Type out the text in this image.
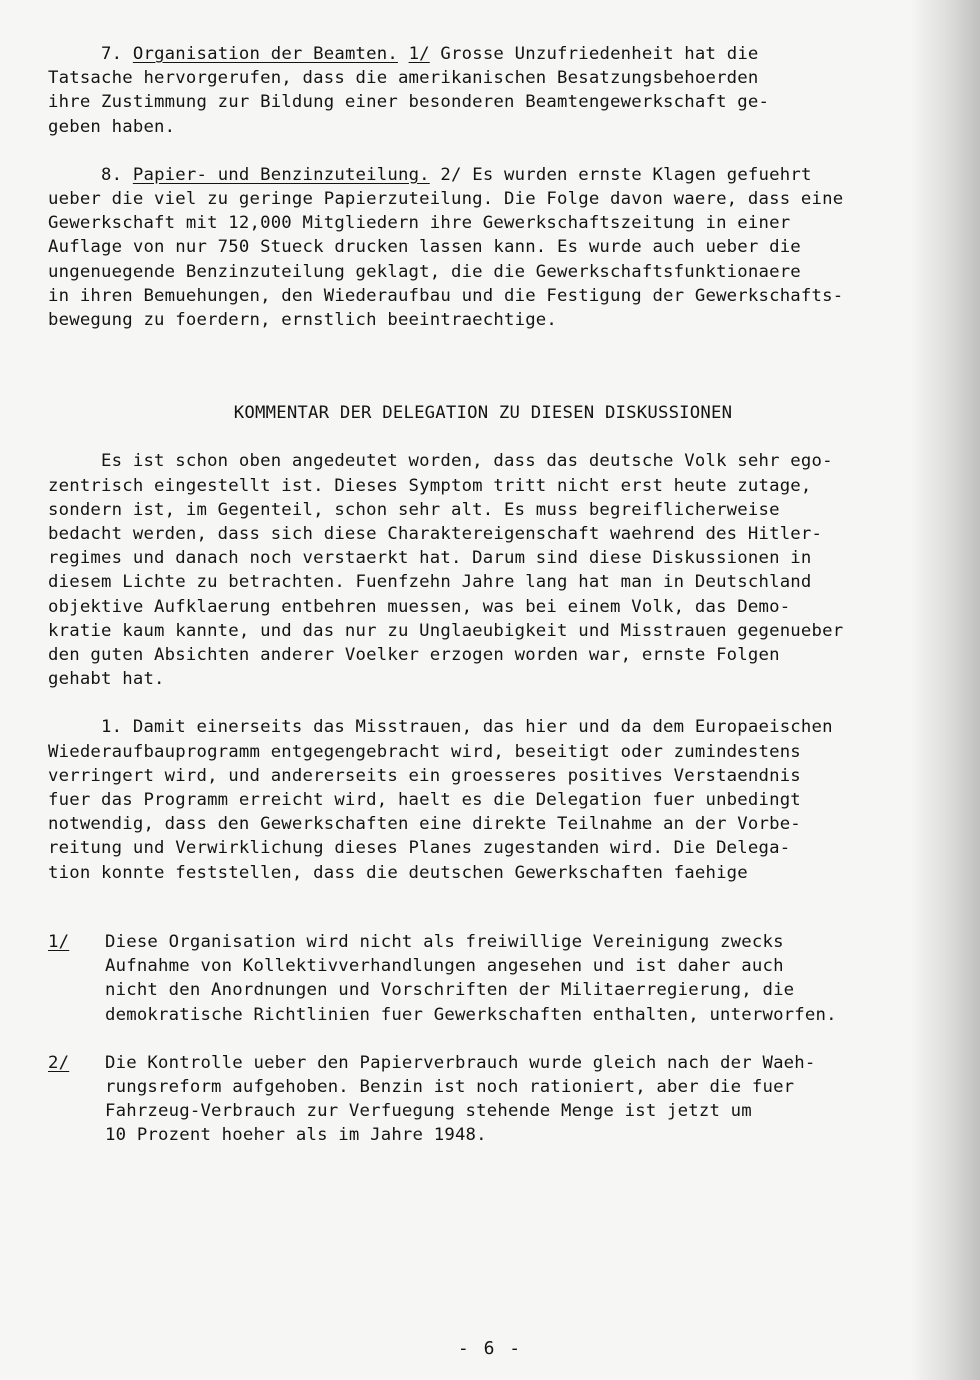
7. Organisation der Beamten. 1/ Grosse Unzufriedenheit hat die
Tatsache hervorgerufen, dass die amerikanischen Besatzungsbehoerden
ihre Zustimmung zur Bildung einer besonderen Beamtengewerkschaft ge-
geben haben.
8. Papier- und Benzinzuteilung. 2/ Es wurden ernste Klagen gefuehrt
ueber die viel zu geringe Papierzuteilung. Die Folge davon waere, dass eine
Gewerkschaft mit 12,000 Mitgliedern ihre Gewerkschaftszeitung in einer
Auflage von nur 750 Stueck drucken lassen kann. Es wurde auch ueber die
ungenuegende Benzinzuteilung geklagt, die die Gewerkschaftsfunktionaere
in ihren Bemuehungen, den Wiederaufbau und die Festigung der Gewerkschafts-
bewegung zu foerdern, ernstlich beeintraechtige.
KOMMENTAR DER DELEGATION ZU DIESEN DISKUSSIONEN
Es ist schon oben angedeutet worden, dass das deutsche Volk sehr ego-
zentrisch eingestellt ist. Dieses Symptom tritt nicht erst heute zutage,
sondern ist, im Gegenteil, schon sehr alt. Es muss begreiflicherweise
bedacht werden, dass sich diese Charaktereigenschaft waehrend des Hitler-
regimes und danach noch verstaerkt hat. Darum sind diese Diskussionen in
diesem Lichte zu betrachten. Fuenfzehn Jahre lang hat man in Deutschland
objektive Aufklaerung entbehren muessen, was bei einem Volk, das Demo-
kratie kaum kannte, und das nur zu Unglaeubigkeit und Misstrauen gegenueber
den guten Absichten anderer Voelker erzogen worden war, ernste Folgen
gehabt hat.
1. Damit einerseits das Misstrauen, das hier und da dem Europaeischen
Wiederaufbauprogramm entgegengebracht wird, beseitigt oder zumindestens
verringert wird, und andererseits ein groesseres positives Verstaendnis
fuer das Programm erreicht wird, haelt es die Delegation fuer unbedingt
notwendig, dass den Gewerkschaften eine direkte Teilnahme an der Vorbe-
reitung und Verwirklichung dieses Planes zugestanden wird. Die Delega-
tion konnte feststellen, dass die deutschen Gewerkschaften faehige
1/	Diese Organisation wird nicht als freiwillige Vereinigung zwecks
Aufnahme von Kollektivverhandlungen angesehen und ist daher auch
nicht den Anordnungen und Vorschriften der Militaerregierung, die
demokratische Richtlinien fuer Gewerkschaften enthalten, unterworfen.
2/	Die Kontrolle ueber den Papierverbrauch wurde gleich nach der Waeh-
rungsreform aufgehoben. Benzin ist noch rationiert, aber die fuer
Fahrzeug-Verbrauch zur Verfuegung stehende Menge ist jetzt um
10 Prozent hoeher als im Jahre 1948.
- 6 -
